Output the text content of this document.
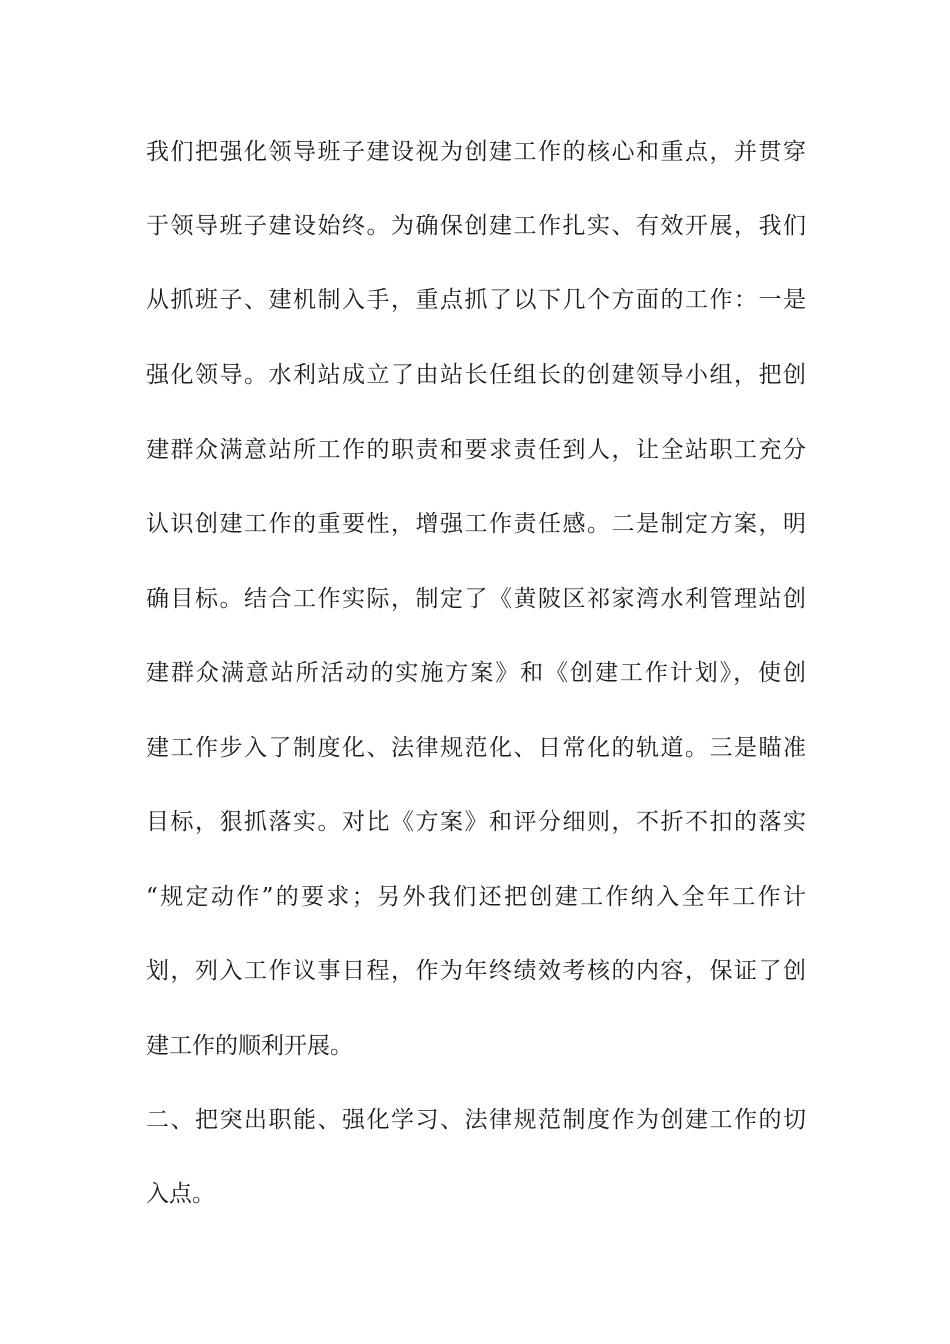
我们把强化领导班子建设视为创建工作的核心和重点，并贯穿
于领导班子建设始终。为确保创建工作扎实、有效开展，我们
从抓班子、建机制入手，重点抓了以下几个方面的工作：一是
强化领导。水利站成立了由站长任组长的创建领导小组，把创
建群众满意站所工作的职责和要求责任到人，让全站职工充分
认识创建工作的重要性，增强工作责任感。二是制定方案，明
确目标。结合工作实际，制定了《黄陂区祁家湾水利管理站创
建群众满意站所活动的实施方案》和《创建工作计划》，使创
建工作步入了制度化、法律规范化、日常化的轨道。三是瞄准
目标，狠抓落实。对比《方案》和评分细则，不折不扣的落实
“规定动作”的要求；另外我们还把创建工作纳入全年工作计
划，列入工作议事日程，作为年终绩效考核的内容，保证了创
建工作的顺利开展。
二、把突出职能、强化学习、法律规范制度作为创建工作的切
入点。
